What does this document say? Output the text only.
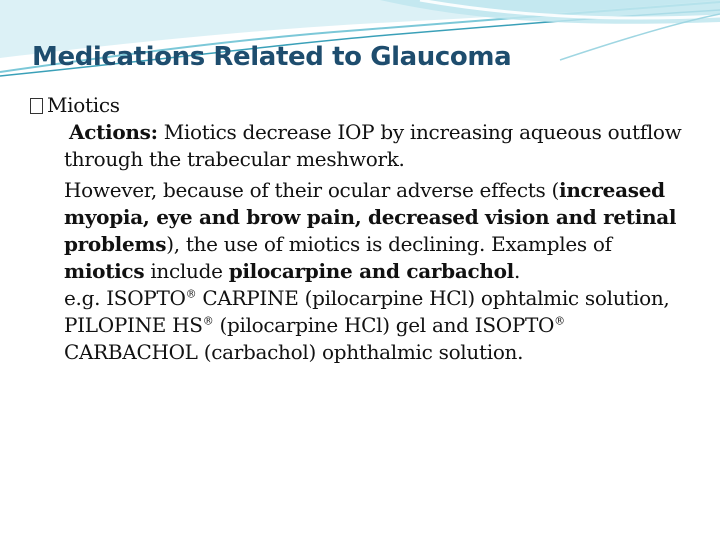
Medications Related to Glaucoma

Miotics

Actions: Miotics decrease IOP by increasing aqueous outflow through the trabecular meshwork.

However, because of their ocular adverse effects (increased myopia, eye and brow pain, decreased vision and retinal problems), the use of miotics is declining. Examples of miotics include pilocarpine and carbachol.
e.g. ISOPTO® CARPINE (pilocarpine HCl) ophtalmic solution, PILOPINE HS® (pilocarpine HCl) gel and ISOPTO® CARBACHOL (carbachol) ophthalmic solution.
